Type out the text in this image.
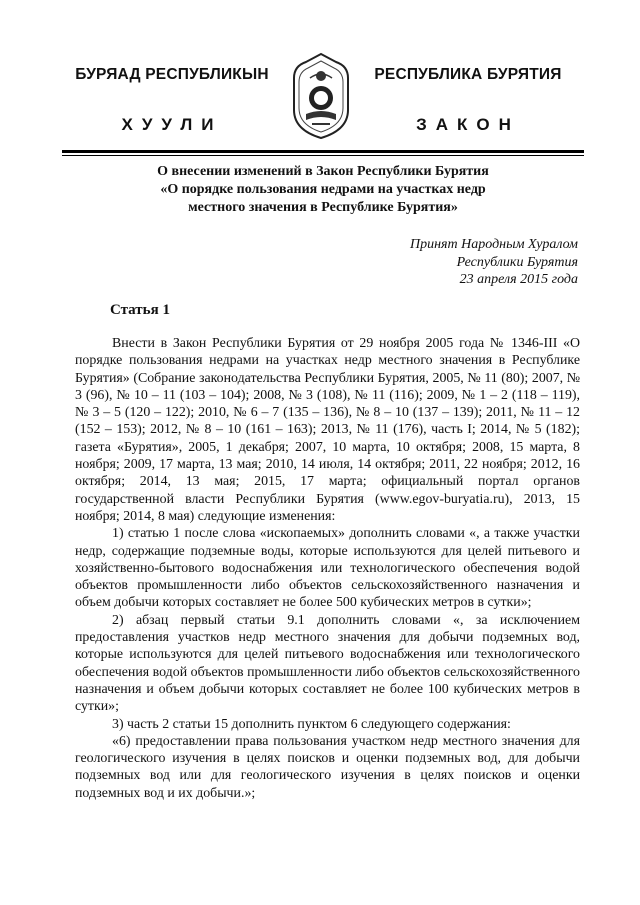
БУРЯАД РЕСПУБЛИКЫН
ХУУЛИ
РЕСПУБЛИКА БУРЯТИЯ
ЗАКОН
О внесении изменений в Закон Республики Бурятия
«О порядке пользования недрами на участках недр
местного значения в Республике Бурятия»
Принят Народным Хуралом
Республики Бурятия
23 апреля 2015 года
Статья 1

Внести в Закон Республики Бурятия от 29 ноября 2005 года № 1346-III «О порядке пользования недрами на участках недр местного значения в Республике Бурятия» (Собрание законодательства Республики Бурятия, 2005, № 11 (80); 2007, № 3 (96), № 10 – 11 (103 – 104); 2008, № 3 (108), № 11 (116); 2009, № 1 – 2 (118 – 119), № 3 – 5 (120 – 122); 2010, № 6 – 7 (135 – 136), № 8 – 10 (137 – 139); 2011, № 11 – 12 (152 – 153); 2012, № 8 – 10 (161 – 163); 2013, № 11 (176), часть I; 2014, № 5 (182); газета «Бурятия», 2005, 1 декабря; 2007, 10 марта, 10 октября; 2008, 15 марта, 8 ноября; 2009, 17 марта, 13 мая; 2010, 14 июля, 14 октября; 2011, 22 ноября; 2012, 16 октября; 2014, 13 мая; 2015, 17 марта; официальный портал органов государственной власти Республики Бурятия (www.egov-buryatia.ru), 2013, 15 ноября; 2014, 8 мая) следующие изменения:

1) статью 1 после слова «ископаемых» дополнить словами «, а также участки недр, содержащие подземные воды, которые используются для целей питьевого и хозяйственно-бытового водоснабжения или технологического обеспечения водой объектов промышленности либо объектов сельскохозяйственного назначения и объем добычи которых составляет не более 500 кубических метров в сутки»;

2) абзац первый статьи 9.1 дополнить словами «, за исключением предоставления участков недр местного значения для добычи подземных вод, которые используются для целей питьевого водоснабжения или технологического обеспечения водой объектов промышленности либо объектов сельскохозяйственного назначения и объем добычи которых составляет не более 100 кубических метров в сутки»;

3) часть 2 статьи 15 дополнить пунктом 6 следующего содержания:

«6) предоставлении права пользования участком недр местного значения для геологического изучения в целях поисков и оценки подземных вод, для добычи подземных вод или для геологического изучения в целях поисков и оценки подземных вод и их добычи.»;
